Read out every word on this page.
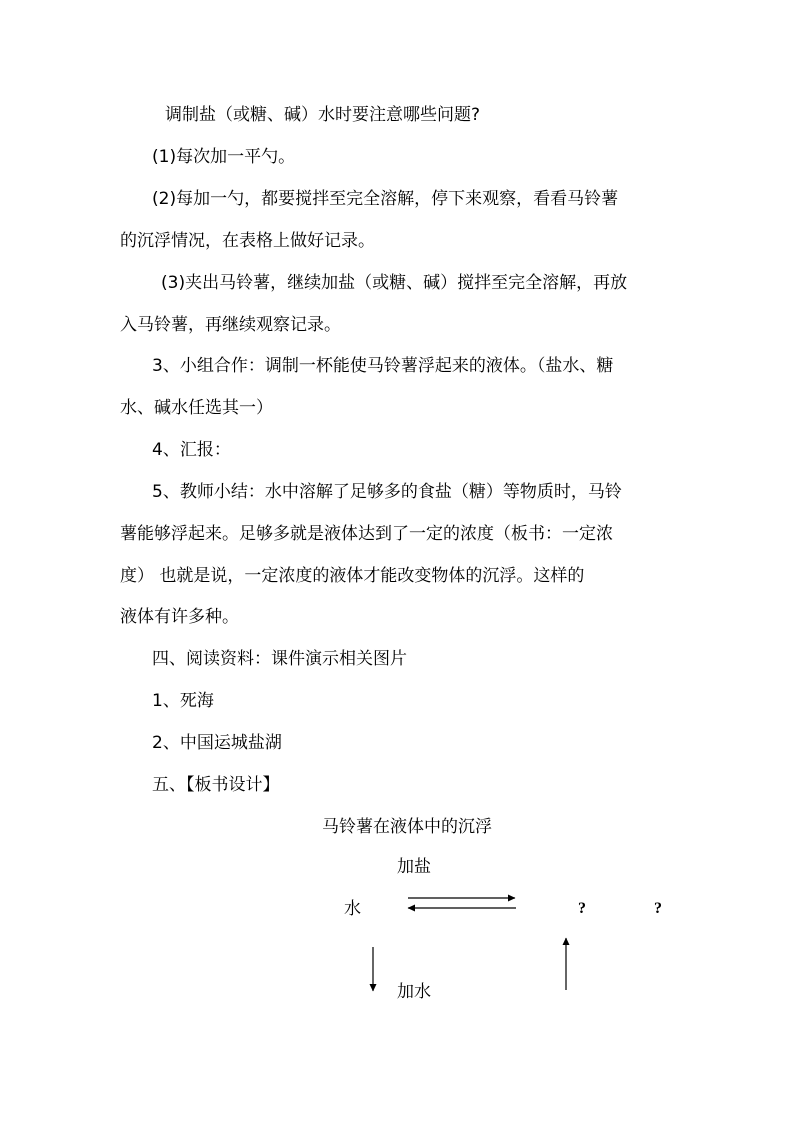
调制盐（或糖、碱）水时要注意哪些问题?
(1)每次加一平勺。
(2)每加一勺，都要搅拌至完全溶解，停下来观察，看看马铃薯
的沉浮情况，在表格上做好记录。
(3)夹出马铃薯，继续加盐（或糖、碱）搅拌至完全溶解，再放
入马铃薯，再继续观察记录。
3、小组合作：调制一杯能使马铃薯浮起来的液体。（盐水、糖
水、碱水任选其一）
4、汇报：
5、教师小结：水中溶解了足够多的食盐（糖）等物质时，马铃
薯能够浮起来。足够多就是液体达到了一定的浓度（板书：一定浓
度） 也就是说，一定浓度的液体才能改变物体的沉浮。这样的
液体有许多种。
四、阅读资料：课件演示相关图片
1、死海
2、中国运城盐湖
五、【板书设计】
马铃薯在液体中的沉浮
加盐
水	?	?
加水
